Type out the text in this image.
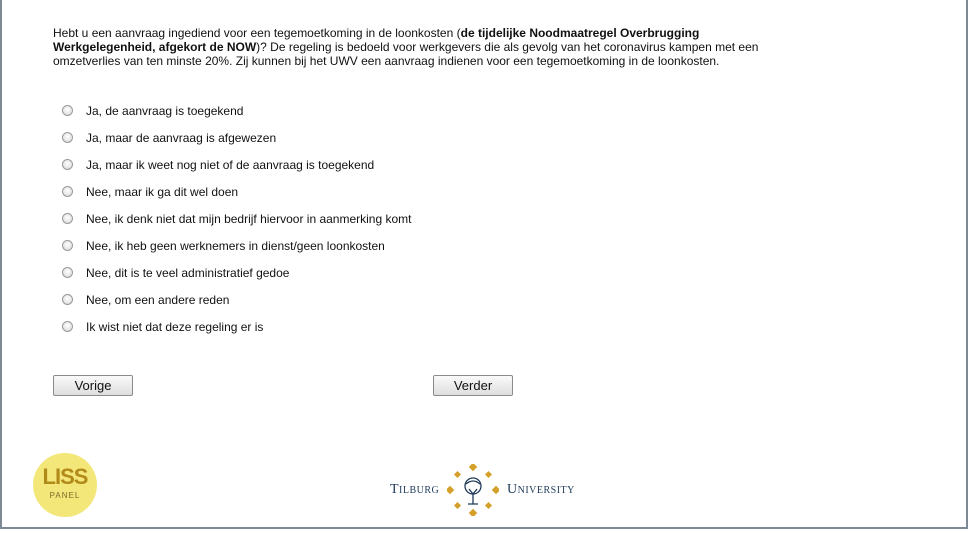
Hebt u een aanvraag ingediend voor een tegemoetkoming in de loonkosten (de tijdelijke Noodmaatregel Overbrugging Werkgelegenheid, afgekort de NOW)? De regeling is bedoeld voor werkgevers die als gevolg van het coronavirus kampen met een omzetverlies van ten minste 20%. Zij kunnen bij het UWV een aanvraag indienen voor een tegemoetkoming in de loonkosten.
Ja, de aanvraag is toegekend
Ja, maar de aanvraag is afgewezen
Ja, maar ik weet nog niet of de aanvraag is toegekend
Nee, maar ik ga dit wel doen
Nee, ik denk niet dat mijn bedrijf hiervoor in aanmerking komt
Nee, ik heb geen werknemers in dienst/geen loonkosten
Nee, dit is te veel administratief gedoe
Nee, om een andere reden
Ik wist niet dat deze regeling er is
Vorige	Verder
LISS
PANEL	Tilburg	University
